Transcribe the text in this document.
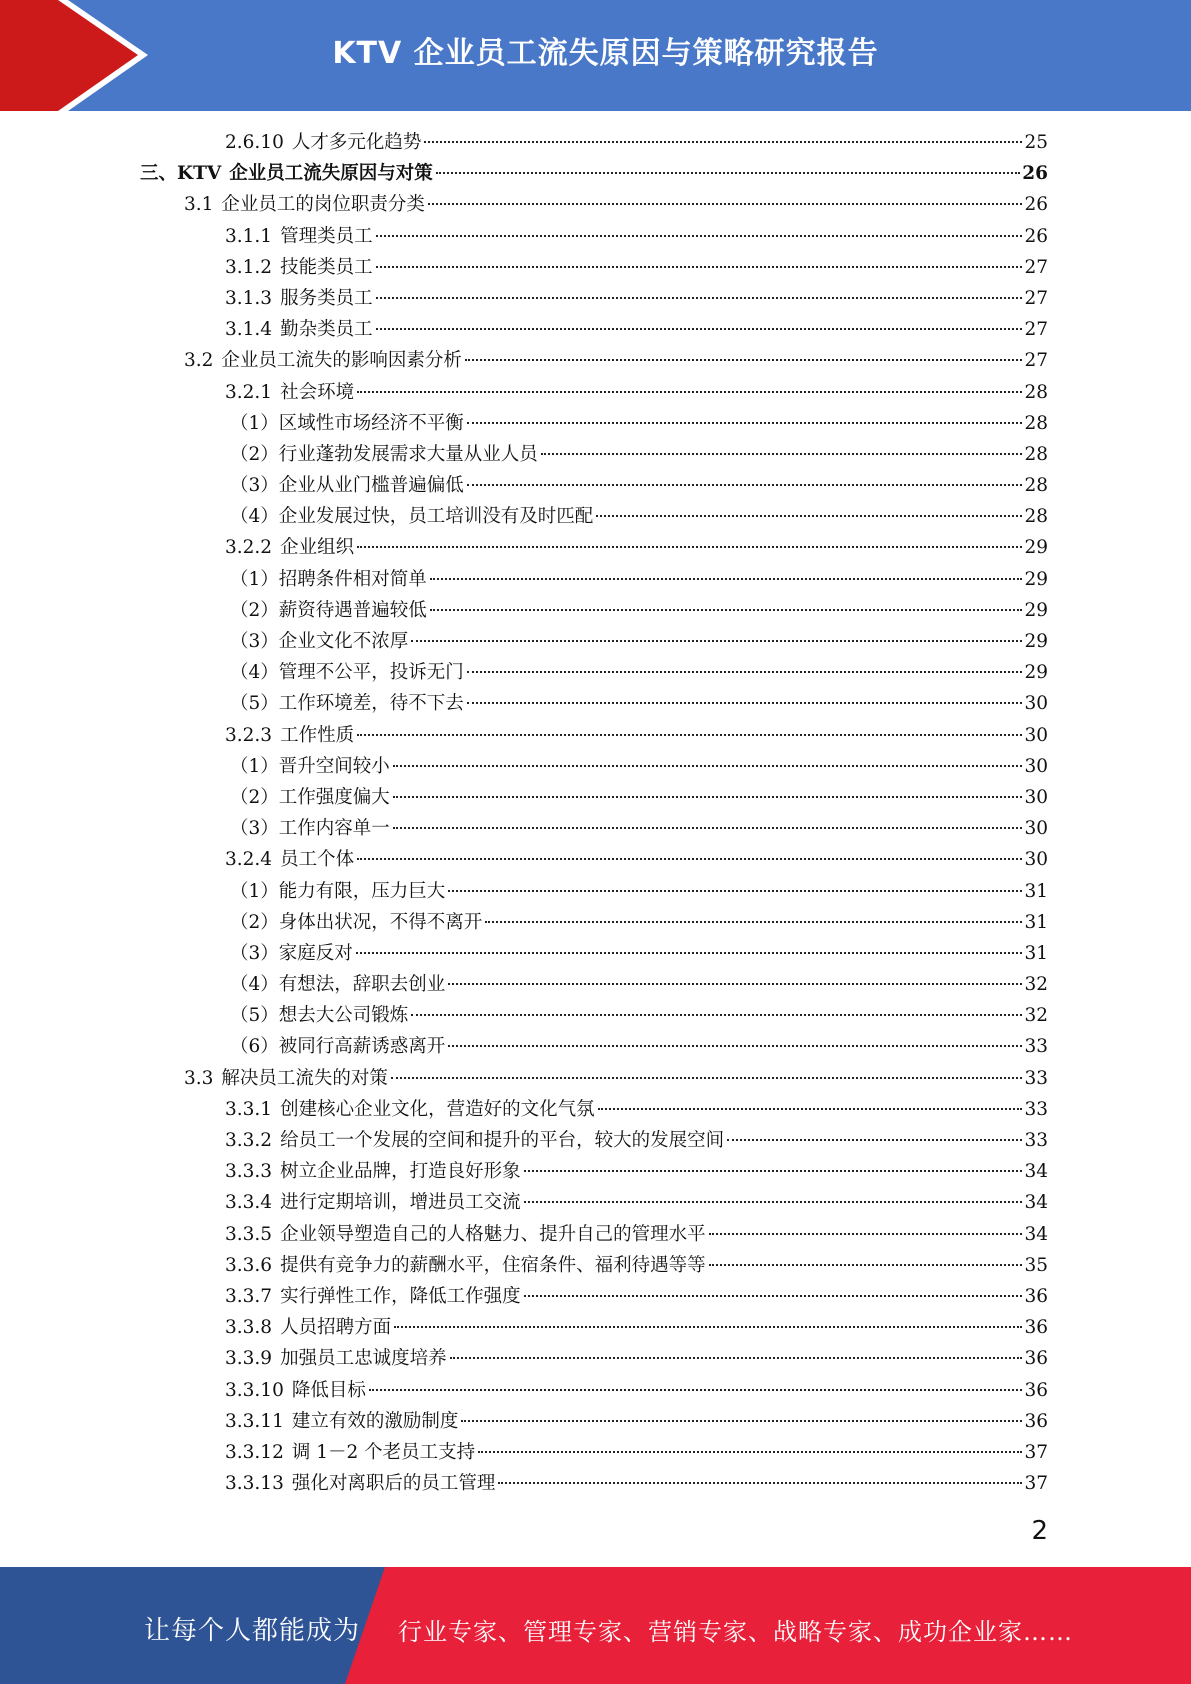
KTV 企业员工流失原因与策略研究报告
2.6.10 人才多元化趋势	25
三、KTV 企业员工流失原因与对策	26
3.1 企业员工的岗位职责分类	26
3.1.1 管理类员工	26
3.1.2 技能类员工	27
3.1.3 服务类员工	27
3.1.4 勤杂类员工	27
3.2 企业员工流失的影响因素分析	27
3.2.1 社会环境	28
（1）区域性市场经济不平衡	28
（2）行业蓬勃发展需求大量从业人员	28
（3）企业从业门槛普遍偏低	28
（4）企业发展过快，员工培训没有及时匹配	28
3.2.2 企业组织	29
（1）招聘条件相对简单	29
（2）薪资待遇普遍较低	29
（3）企业文化不浓厚	29
（4）管理不公平，投诉无门	29
（5）工作环境差，待不下去	30
3.2.3 工作性质	30
（1）晋升空间较小	30
（2）工作强度偏大	30
（3）工作内容单一	30
3.2.4 员工个体	30
（1）能力有限，压力巨大	31
（2）身体出状况，不得不离开	31
（3）家庭反对	31
（4）有想法，辞职去创业	32
（5）想去大公司锻炼	32
（6）被同行高薪诱惑离开	33
3.3 解决员工流失的对策	33
3.3.1 创建核心企业文化，营造好的文化气氛	33
3.3.2 给员工一个发展的空间和提升的平台，较大的发展空间	33
3.3.3 树立企业品牌，打造良好形象	34
3.3.4 进行定期培训，增进员工交流	34
3.3.5 企业领导塑造自己的人格魅力、提升自己的管理水平	34
3.3.6 提供有竞争力的薪酬水平，住宿条件、福利待遇等等	35
3.3.7 实行弹性工作，降低工作强度	36
3.3.8 人员招聘方面	36
3.3.9 加强员工忠诚度培养	36
3.3.10 降低目标	36
3.3.11 建立有效的激励制度	36
3.3.12 调 1－2 个老员工支持	37
3.3.13 强化对离职后的员工管理	37
2
让每个人都能成为 行业专家、管理专家、营销专家、战略专家、成功企业家……
